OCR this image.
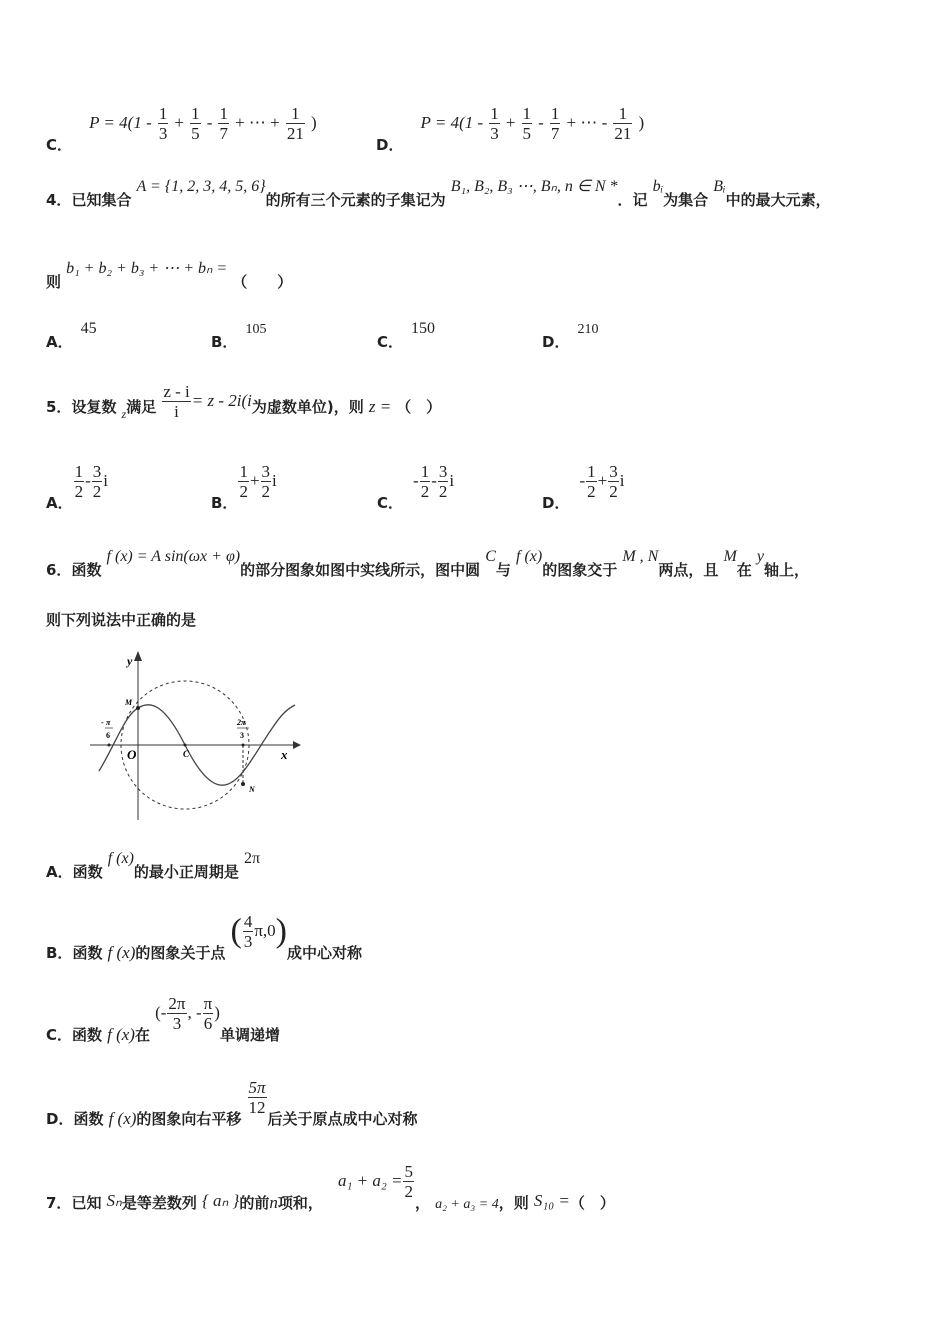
C． $P = 4(1 - \frac{1}{3} + \frac{1}{5} - \frac{1}{7}$ + ⋯ + $\frac{1}{21}$ )
D． $P = 4(1 - \frac{1}{3} + \frac{1}{5} - \frac{1}{7}$ + ⋯ - $\frac{1}{21}$ )
4．已知集合 A = {1, 2, 3, 4, 5, 6}的所有三个元素的子集记为 B₁, B₂, B₃ ⋯, Bₙ, n ∈ N *．记 bᵢ为集合 Bᵢ中的最大元素，
则 b₁ + b₂ + b₃ + ⋯ + bₙ = （　　）
A．45
B．105
C．150
D．210
5．设复数 $_z$满足 $\frac{z - i}{i} = z - 2i(i$为虚数单位)，则 z = （　）
A．
$\frac{1}{2} - \frac{3}{2}$ i
B．
$\frac{1}{2} + \frac{3}{2}$ i
C．- $\frac{1}{2} - \frac{3}{2}$ i
D．- $\frac{1}{2} + \frac{3}{2}$ i
6．函数 f (x) = A sin(ωx + φ)的部分图象如图中实线所示，图中圆 C与 f (x)的图象交于 M , N两点，且 M在 y轴上，
则下列说法中正确的是
y
x
O
M
N
C
- π
6
2π
3
A．函数 f (x)的最小正周期是 2π
B．函数 f (x)的图象关于点 ( $\frac{4}{3} \pi,0$)成中心对称
C．函数 f (x)在 (- $\frac{2\pi}{3}$ , - $\frac{\pi}{6}$ )单调递增
D．函数 f (x)的图象向右平移
$\frac{5\pi}{12}$
后关于原点成中心对称
7．已知 Sₙ是等差数列 { aₙ }的前n项和， $a_1 + a_2 = \frac{5}{2}$
， a₂ + a₃ = 4，则 S₁₀ =（　）
